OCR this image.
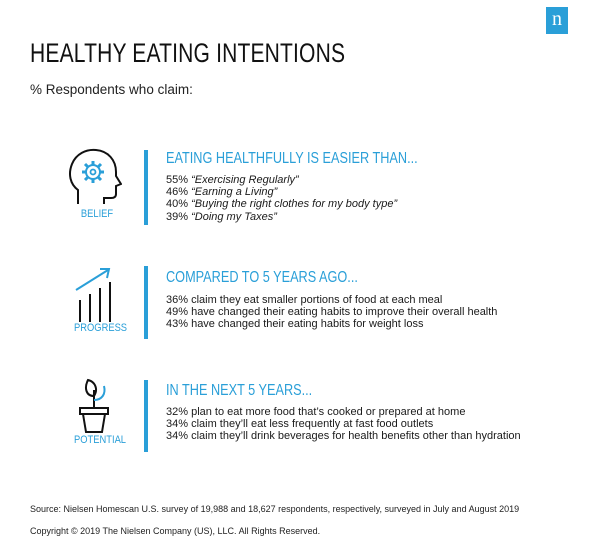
n
HEALTHY EATING INTENTIONS
% Respondents who claim:
BELIEF
EATING HEALTHFULLY IS EASIER THAN...
55% “Exercising Regularly”
46% “Earning a Living”
40% “Buying the right clothes for my body type”
39% “Doing my Taxes”
PROGRESS
COMPARED TO 5 YEARS AGO...
36% claim they eat smaller portions of food at each meal
49% have changed their eating habits to improve their overall health
43% have changed their eating habits for weight loss
POTENTIAL
IN THE NEXT 5 YEARS...
32% plan to eat more food that’s cooked or prepared at home
34% claim they’ll eat less frequently at fast food outlets
34% claim they’ll drink beverages for health benefits other than hydration
Source: Nielsen Homescan U.S. survey of 19,988 and 18,627 respondents, respectively, surveyed in July and August 2019
Copyright © 2019 The Nielsen Company (US), LLC. All Rights Reserved.
